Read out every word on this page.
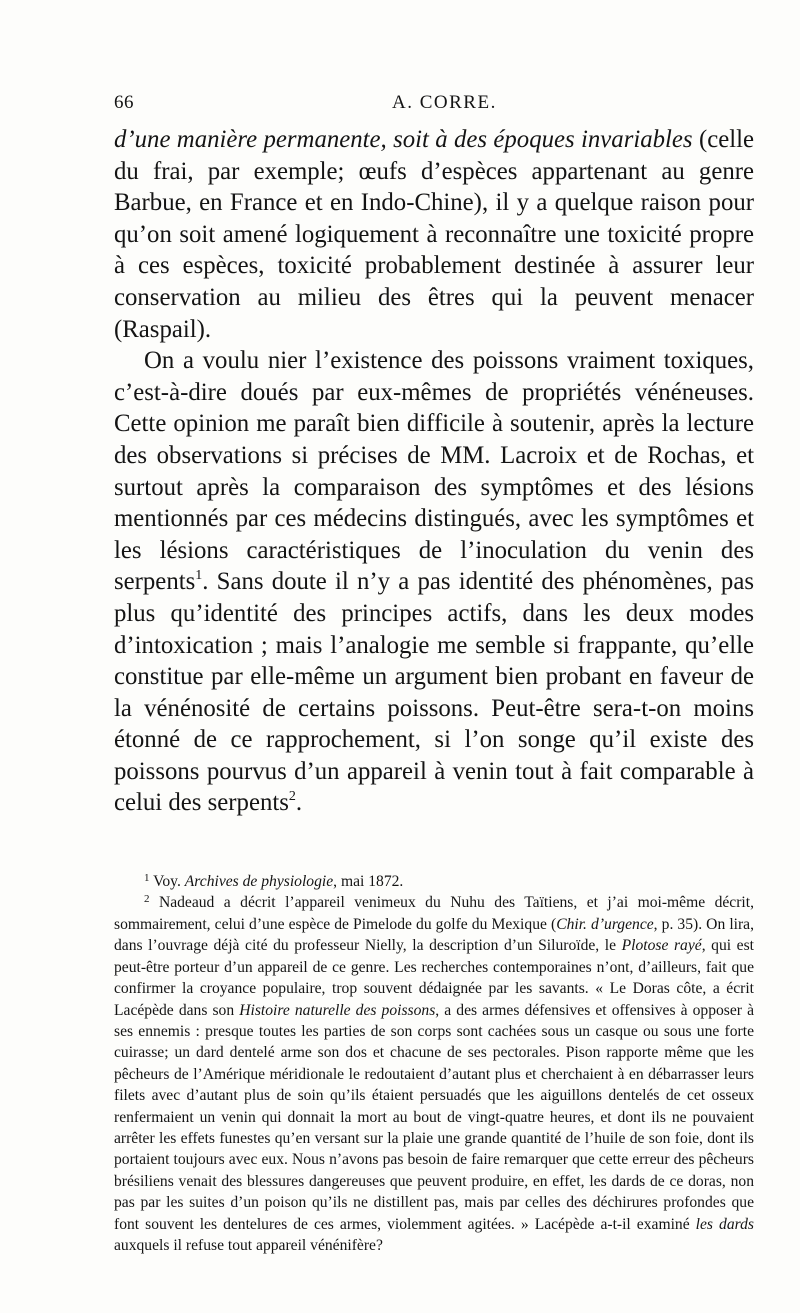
66	A. CORRE.

d’une manière permanente, soit à des époques invariables (celle du frai, par exemple; œufs d’espèces appartenant au genre Barbue, en France et en Indo-Chine), il y a quelque raison pour qu’on soit amené logiquement à reconnaître une toxicité propre à ces espèces, toxicité probablement destinée à assurer leur conservation au milieu des êtres qui la peuvent menacer (Raspail).

On a voulu nier l’existence des poissons vraiment toxiques, c’est-à-dire doués par eux-mêmes de propriétés vénéneuses. Cette opinion me paraît bien difficile à soutenir, après la lecture des observations si précises de MM. Lacroix et de Rochas, et surtout après la comparaison des symptômes et des lésions mentionnés par ces médecins distingués, avec les symptômes et les lésions caractéristiques de l’inoculation du venin des serpents$^1$. Sans doute il n’y a pas identité des phénomènes, pas plus qu’identité des principes actifs, dans les deux modes d’intoxication ; mais l’analogie me semble si frappante, qu’elle constitue par elle-même un argument bien probant en faveur de la vénénosité de certains poissons. Peut-être sera-t-on moins étonné de ce rapprochement, si l’on songe qu’il existe des poissons pourvus d’un appareil à venin tout à fait comparable à celui des serpents$^2$.

$^1$ Voy. Archives de physiologie, mai 1872.

$^2$ Nadeaud a décrit l’appareil venimeux du Nuhu des Taïtiens, et j’ai moi-même décrit, sommairement, celui d’une espèce de Pimelode du golfe du Mexique (Chir. d’urgence, p. 35). On lira, dans l’ouvrage déjà cité du professeur Nielly, la description d’un Siluroïde, le Plotose rayé, qui est peut-être porteur d’un appareil de ce genre. Les recherches contemporaines n’ont, d’ailleurs, fait que confirmer la croyance populaire, trop souvent dédaignée par les savants. « Le Doras côte, a écrit Lacépède dans son Histoire naturelle des poissons, a des armes défensives et offensives à opposer à ses ennemis : presque toutes les parties de son corps sont cachées sous un casque ou sous une forte cuirasse; un dard dentelé arme son dos et chacune de ses pectorales. Pison rapporte même que les pêcheurs de l’Amérique méridionale le redoutaient d’autant plus et cherchaient à en débarrasser leurs filets avec d’autant plus de soin qu’ils étaient persuadés que les aiguillons dentelés de cet osseux renfermaient un venin qui donnait la mort au bout de vingt-quatre heures, et dont ils ne pouvaient arrêter les effets funestes qu’en versant sur la plaie une grande quantité de l’huile de son foie, dont ils portaient toujours avec eux. Nous n’avons pas besoin de faire remarquer que cette erreur des pêcheurs brésiliens venait des blessures dangereuses que peuvent produire, en effet, les dards de ce doras, non pas par les suites d’un poison qu’ils ne distillent pas, mais par celles des déchirures profondes que font souvent les dentelures de ces armes, violemment agitées. » Lacépède a-t-il examiné les dards auxquels il refuse tout appareil vénénifère?
